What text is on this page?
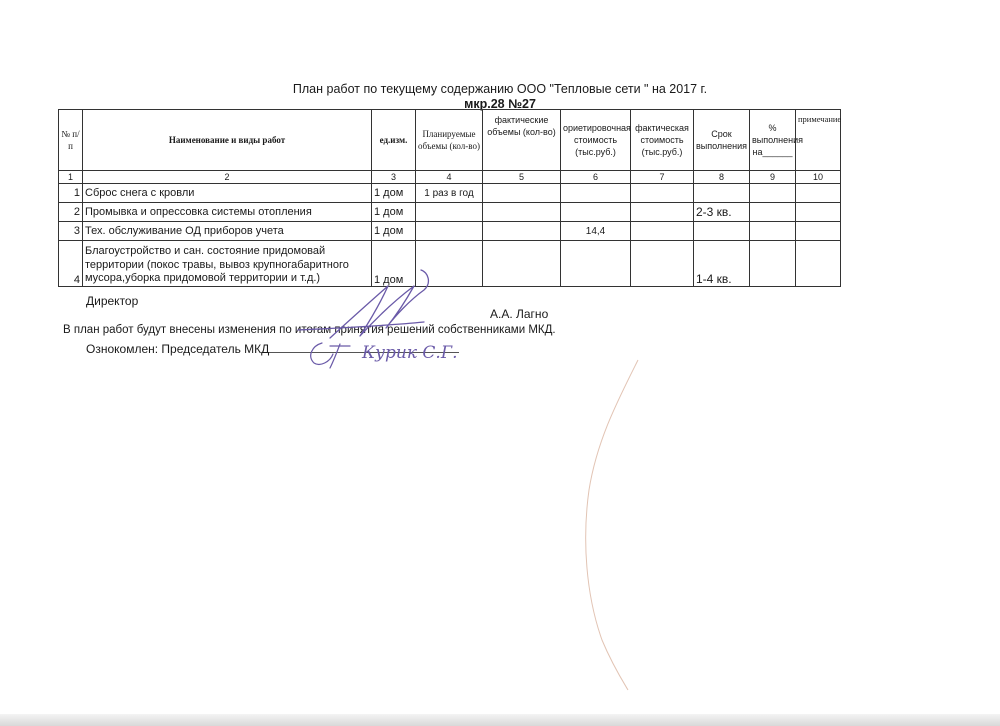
План работ по текущему содержанию ООО "Тепловые сети " на 2017 г.
мкр.28 №27
№ п/п	Наименование и виды работ	ед.изм.	Планируемые объемы (кол-во)	фактические объемы (кол-во)	ориетировочная стоимость (тыс.руб.)	фактическая стоимость (тыс.руб.)	Срок выполнения	% выполнения на______	примечание
1	2	3	4	5	6	7	8	9	10
1	Сброс снега с кровли	1 дом	1 раз в год						
2	Промывка и опрессовка системы отопления	1 дом					2-3 кв.		
3	Тех. обслуживание ОД приборов учета	1 дом			14,4				
4	Благоустройство и сан. состояние придомовай территории (покос травы, вывоз крупногабаритного мусора,уборка придомовой территории и т.д.)	1 дом					1-4 кв.		
Директор
А.А. Лагно
В план работ будут внесены изменения по итогам принятия решений собственниками МКД.
Ознокомлен: Председатель МКД	Курик С.Г.
